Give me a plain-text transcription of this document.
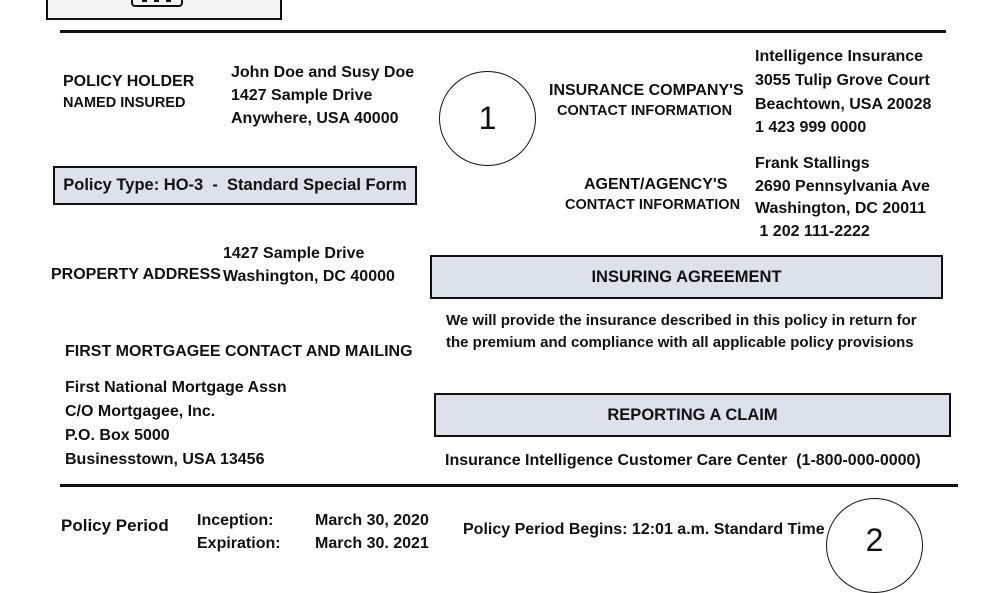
POLICY HOLDER
NAMED INSURED
John Doe and Susy Doe
1427 Sample Drive
Anywhere, USA 40000	1
INSURANCE COMPANY'S
CONTACT INFORMATION
Intelligence Insurance
3055 Tulip Grove Court
Beachtown, USA 20028
1 423 999 0000
Policy Type: HO-3  -  Standard Special Form	AGENT/AGENCY'S
CONTACT INFORMATION
Frank Stallings
2690 Pennsylvania Ave
Washington, DC 20011
1 202 111-2222
PROPERTY ADDRESS
1427 Sample Drive
Washington, DC 40000	INSURING AGREEMENT
We will provide the insurance described in this policy in return for
the premium and compliance with all applicable policy provisions
FIRST MORTGAGEE CONTACT AND MAILING
First National Mortgage Assn
C/O Mortgagee, Inc.
P.O. Box 5000
Businesstown, USA 13456
REPORTING A CLAIM
Insurance Intelligence Customer Care Center  (1-800-000-0000)
Policy Period Inception:	March 30, 2020
Expiration: March 30. 2021
Policy Period Begins: 12:01 a.m. Standard Time	2
